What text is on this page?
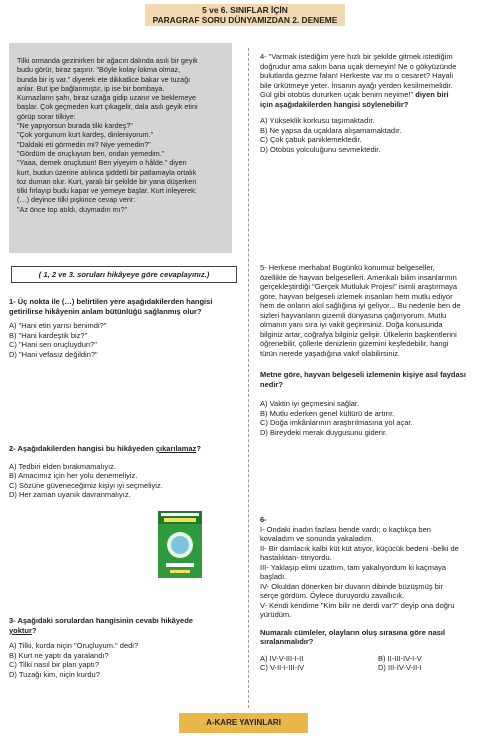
5 ve 6. SINIFLAR İÇİN
PARAGRAF SORU DÜNYAMIZDAN 2. DENEME
Tilki ormanda gezinirken bir ağacın dalında asılı bir geyik
budu görür, biraz şaşırır. "Böyle kolay lokma olmaz,
bunda bir iş var." diyerek ete dikkatlice bakar ve tuzağı
anlar. But ipe bağlanmıştır, ip ise bir bombaya.
Kurnazların şahı, biraz uzağa gidip uzanır ve beklemeye
başlar. Çok geçmeden kurt çıkagelir, dala asılı geyik etini
görüp sorar tilkiye:
"Ne yapıyorsun burada tilki kardeş?"
"Çok yorgunum kurt kardeş, dinleniyorum."
"Daldaki eti görmedin mi? Niye yemedin?"
"Gördüm de oruçluyum ben, ondan yemedim."
"Yaaa, demek oruçlusun! Ben yiyeyim o hâlde." diyen
kurt, budun üzerine atılınca şiddetli bir patlamayla ortalık
toz duman olur. Kurt, yaralı bir şekilde bir yana düşerken
tilki fırlayıp budu kapar ve yemeye başlar. Kurt inleyerek:
(…) deyince tilki pişkince cevap verir:
"Az önce top atıldı, duymadın mı?"
( 1, 2 ve 3. soruları hikâyeye göre cevaplayınız.)
1- Üç nokta ile (…) belirtilen yere aşağıdakilerden hangisi
getirilirse hikâyenin anlam bütünlüğü sağlanmış olur?
A) "Hani etin yarısı benimdi?"
B) "Hani kardeştik biz?"
C) "Hani sen oruçluydun?"
D) "Hani vefasız değildin?"
2- Aşağıdakilerden hangisi bu hikâyeden çıkarılamaz?
A) Tedbiri elden bırakmamalıyız.
B) Amacımız için her yolu denemeliyiz.
C) Sözüne güveneceğimiz kişiyi iyi seçmeliyiz.
D) Her zaman uyanık davranmalıyız.
3- Aşağıdaki sorulardan hangisinin cevabı hikâyede
yoktur?
A) Tilki, kurda niçin "Oruçluyum." dedi?
B) Kurt ne yaptı da yaralandı?
C) Tilki nasıl bir plan yaptı?
D) Tuzağı kim, niçin kurdu?
4- "Varmak istediğim yere hızlı bir şekilde gitmek istediğim
doğrudur ama sakın bana uçak demeyin! Ne o gökyüzünde
bulutlarda gezme falan! Herkeste var mı o cesaret? Hayali
bile ürkütmeye yeter. İnsanın ayağı yerden kesilmemelidir.
Gül gibi otobüs dururken uçak benim neyime!" diyen biri
için aşağıdakilerden hangisi söylenebilir?
A) Yükseklik korkusu taşımaktadır.
B) Ne yapsa da uçaklara alışamamaktadır.
C) Çok çabuk paniklemektedir.
D) Otobüs yolculuğunu sevmektedir.
5- Herkese merhaba! Bugünkü konumuz belgeseller,
özellikle de hayvan belgeselleri. Amerikalı bilim insanlarının
gerçekleştirdiği "Gerçek Mutluluk Projesi" isimli araştırmaya
göre, hayvan belgeseli izlemek insanları hem mutlu ediyor
hem de onların akıl sağlığına iyi geliyor... Bu nedenle ben de
sizleri hayvanların gizemli dünyasına çağırıyorum. Mutlu
olmanın yanı sıra iyi vakit geçirirsiniz. Doğa konusunda
bilginiz artar, coğrafya bilginiz gelişir. Ülkelerin başkentlerini
öğrenebilir, çöllerle denizlerin gizemini keşfedebilir, hangi
türün nerede yaşadığına vakıf olabilirsiniz.
Metne göre, hayvan belgeseli izlemenin kişiye asıl faydası
nedir?
A) Vaktin iyi geçmesini sağlar.
B) Mutlu ederken genel kültürü de artırır.
C) Doğa imkânlarının araştırılmasına yol açar.
D) Bireydeki merak duygusunu giderir.
6-
I- Ondaki inadın fazlası bende vardı; o kaçtıkça ben
kovaladım ve sonunda yakaladım.
II- Bir damlacık kalbi küt küt atıyor, küçücük bedeni -belki de
hastalıktan- titriyordu.
III- Yaklaşıp elimi uzattım, tam yakalıyordum ki kaçmaya
başladı.
IV- Okuldan dönerken bir duvarın dibinde büzüşmüş bir
serçe gördüm. Öylece duruyordu zavallıcık.
V- Kendi kendime "Kim bilir ne derdi var?" deyip ona doğru
yürüdüm.
Numaralı cümleler, olayların oluş sırasına göre nasıl
sıralanmalıdır?
A) IV-V-III-I-II	B) II-III-IV-I-V
C) V-II-I-III-IV	D) III-IV-V-II-I
A-KARE YAYINLARI
